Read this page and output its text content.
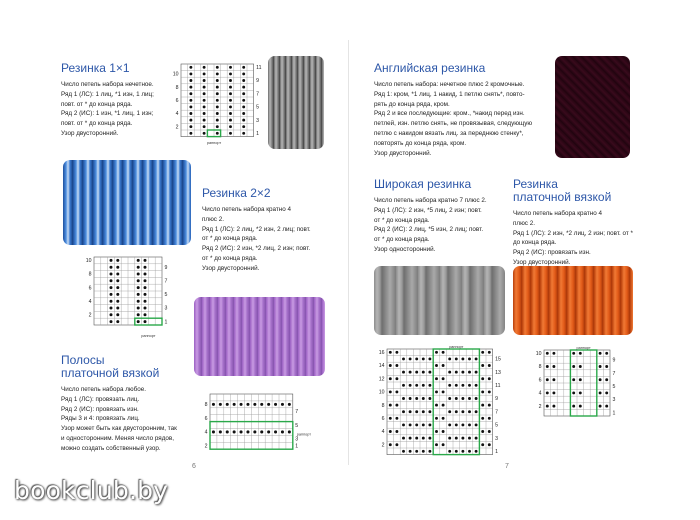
Резинка 1×1
Число петель набора нечетное.
Ряд 1 (ЛС): 1 лиц, *1 изн, 1 лиц;
повт. от * до конца ряда.
Ряд 2 (ИС): 1 изн, *1 лиц, 1 изн;
повт. от * до конца ряда.
Узор двусторонний.
10
8
6
4
2
11
9
7
5
3
1
раппорт
Резинка 2×2
Число петель набора кратно 4
плюс 2.
Ряд 1 (ЛС): 2 лиц, *2 изн, 2 лиц; повт.
от * до конца ряда.
Ряд 2 (ИС): 2 изн, *2 лиц, 2 изн; повт.
от * до конца ряда.
Узор двусторонний.
10
8
6
4
2
9
7
5
3
1
раппорт
Полосы
платочной вязкой
Число петель набора любое.
Ряд 1 (ЛС): провязать лиц.
Ряд 2 (ИС): провязать изн.
Ряды 3 и 4: провязать лиц.
Узор может быть как двусторонним, так
и односторонним. Меняя число рядов,
можно создать собственный узор.
8
6
4
2
7
5
3
1
раппорт
6
Английская резинка
Число петель набора: нечетное плюс 2 кромочные.
Ряд 1: кром, *1 лиц, 1 накид, 1 петлю снять*, повто-
рять до конца ряда, кром.
Ряд 2 и все последующие: кром., *накид перед изн.
петлей, изн. петлю снять, не провязывая, следующую
петлю с накидом вязать лиц. за переднюю стенку*,
повторять до конца ряда, кром.
Узор двусторонний.
Широкая резинка
Число петель набора кратно 7 плюс 2.
Ряд 1 (ЛС): 2 изн, *5 лиц, 2 изн; повт.
от * до конца ряда.
Ряд 2 (ИС): 2 лиц, *5 изн, 2 лиц; повт.
от * до конца ряда.
Узор односторонний.
Резинка
платочной вязкой
Число петель набора кратно 4
плюс 2.
Ряд 1 (ЛС): 2 изн, *2 лиц, 2 изн; повт. от *
до конца ряда.
Ряд 2 (ИС): провязать изн.
Узор двусторонний.
16
14
12
10
8
6
4
2
15
13
11
9
7
5
3
1
раппорт
10
8
6
4
2
9
7
5
3
1
раппорт
7
bookclub.by
